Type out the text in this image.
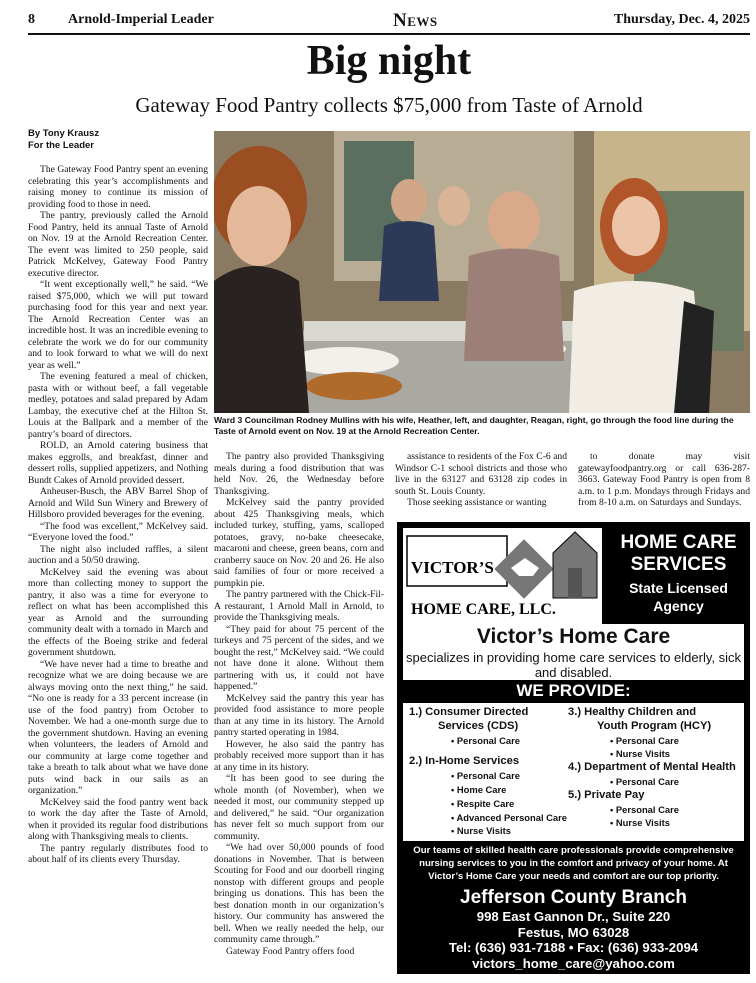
8 Arnold-Imperial Leader	News	Thursday, Dec. 4, 2025
Big night
Gateway Food Pantry collects $75,000 from Taste of Arnold
By Tony Krausz
For the Leader

The Gateway Food Pantry spent an evening celebrating this year’s accomplishments and raising money to continue its mission of providing food to those in need.

The pantry, previously called the Arnold Food Pantry, held its annual Taste of Arnold on Nov. 19 at the Arnold Recreation Center. The event was limited to 250 people, said Patrick McKelvey, Gateway Food Pantry executive director.

“It went exceptionally well,” he said. “We raised $75,000, which we will put toward purchasing food for this year and next year. The Arnold Recreation Center was an incredible host. It was an incredible evening to celebrate the work we do for our community and to look forward to what we will do next year as well.”

The evening featured a meal of chicken, pasta with or without beef, a fall vegetable medley, potatoes and salad prepared by Adam Lambay, the executive chef at the Hilton St. Louis at the Ballpark and a member of the pantry’s board of directors.

ROLD, an Arnold catering business that makes eggrolls, and breakfast, dinner and dessert rolls, supplied appetizers, and Nothing Bundt Cakes of Arnold provided dessert.

Anheuser-Busch, the ABV Barrel Shop of Arnold and Wild Sun Winery and Brewery of Hillsboro provided beverages for the evening.

“The food was excellent,” McKelvey said. “Everyone loved the food.”

The night also included raffles, a silent auction and a 50/50 drawing.

McKelvey said the evening was about more than collecting money to support the pantry, it also was a time for everyone to reflect on what has been accomplished this year as Arnold and the surrounding community dealt with a tornado in March and the effects of the Boeing strike and federal government shutdown.

“We have never had a time to breathe and recognize what we are doing because we are always moving onto the next thing,” he said. “No one is ready for a 33 percent increase (in use of the food pantry) from October to November. We had a one-month surge due to the government shutdown. Having an evening when volunteers, the leaders of Arnold and our community at large come together and take a breath to talk about what we have done puts wind back in our sails as an organization.”

McKelvey said the food pantry went back to work the day after the Taste of Arnold, when it provided its regular food distributions along with Thanksgiving meals to clients.

The pantry regularly distributes food to about half of its clients every Thursday.

Ward 3 Councilman Rodney Mullins with his wife, Heather, left, and daughter, Reagan, right, go through the food line during the Taste of Arnold event on Nov. 19 at the Arnold Recreation Center.

The pantry also provided Thanksgiving meals during a food distribution that was held Nov. 26, the Wednesday before Thanksgiving.

McKelvey said the pantry provided about 425 Thanksgiving meals, which included turkey, stuffing, yams, scalloped potatoes, gravy, no-bake cheesecake, macaroni and cheese, green beans, corn and cranberry sauce on Nov. 20 and 26. He also said families of four or more received a pumpkin pie.

The pantry partnered with the Chick-Fil-A restaurant, 1 Arnold Mall in Arnold, to provide the Thanksgiving meals.

“They paid for about 75 percent of the turkeys and 75 percent of the sides, and we bought the rest,” McKelvey said. “We could not have done it alone. Without them partnering with us, it could not have happened.”

McKelvey said the pantry this year has provided food assistance to more people than at any time in its history. The Arnold pantry started operating in 1984.

However, he also said the pantry has probably received more support than it has at any time in its history.

“It has been good to see during the whole month (of November), when we needed it most, our community stepped up and delivered,” he said. “Our organization has never felt so much support from our community.

“We had over 50,000 pounds of food donations in November. That is between Scouting for Food and our doorbell ringing nonstop with different groups and people bringing us donations. This has been the best donation month in our organization’s history. Our community has answered the bell. When we really needed the help, our community came through.”

Gateway Food Pantry offers food

assistance to residents of the Fox C-6 and Windsor C-1 school districts and those who live in the 63127 and 63128 zip codes in south St. Louis County.

Those seeking assistance or wanting

to donate may visit gatewayfoodpantry.org or call 636-287-3663. Gateway Food Pantry is open from 8 a.m. to 1 p.m. Mondays through Fridays and from 8-10 a.m. on Saturdays and Sundays.

VICTOR’S
HOME CARE, LLC.
HOME CARE SERVICES
State Licensed Agency
Victor’s Home Care
specializes in providing home care services to elderly, sick and disabled.
WE PROVIDE:
1.) Consumer Directed
Services (CDS)
• Personal Care
2.) In-Home Services
• Personal Care
• Home Care
• Respite Care
• Advanced Personal Care
• Nurse Visits
3.) Healthy Children and
Youth Program (HCY)
• Personal Care
• Nurse Visits
4.) Department of Mental Health
• Personal Care
5.) Private Pay
• Personal Care
• Nurse Visits
Our teams of skilled health care professionals provide comprehensive nursing services to you in the comfort and privacy of your home. At Victor’s Home Care your needs and comfort are our top priority.
Jefferson County Branch
998 East Gannon Dr., Suite 220
Festus, MO 63028
Tel: (636) 931-7188 • Fax: (636) 933-2094
victors_home_care@yahoo.com
